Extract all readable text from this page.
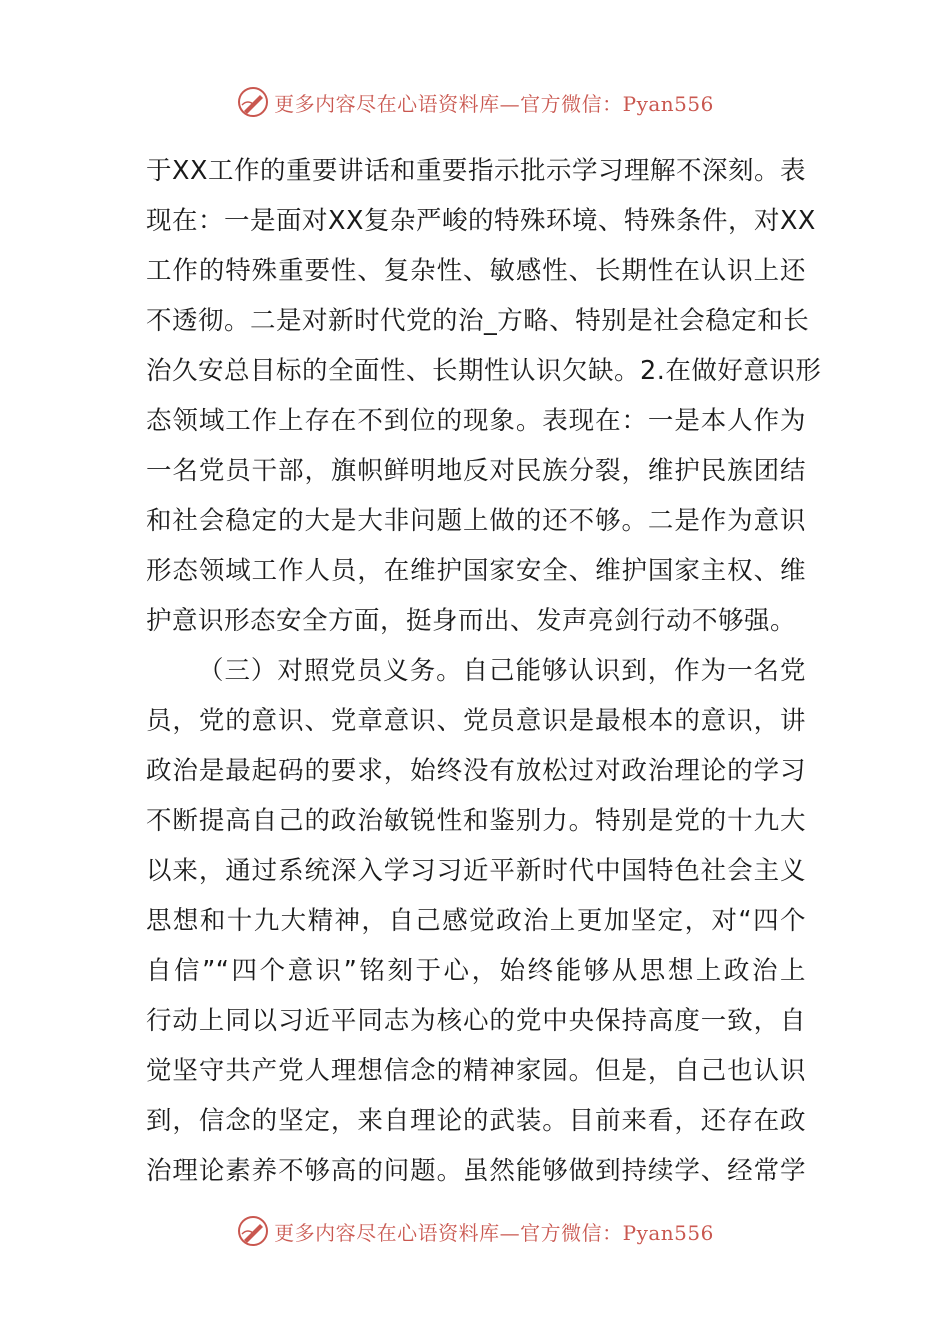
更多内容尽在心语资料库—官方微信：Pyan556
于XX工作的重要讲话和重要指示批示学习理解不深刻。表
现在：一是面对XX复杂严峻的特殊环境、特殊条件，对XX
工作的特殊重要性、复杂性、敏感性、长期性在认识上还
不透彻。二是对新时代党的治_方略、特别是社会稳定和长
治久安总目标的全面性、长期性认识欠缺。2.在做好意识形
态领域工作上存在不到位的现象。表现在：一是本人作为
一名党员干部，旗帜鲜明地反对民族分裂，维护民族团结
和社会稳定的大是大非问题上做的还不够。二是作为意识
形态领域工作人员，在维护国家安全、维护国家主权、维
护意识形态安全方面，挺身而出、发声亮剑行动不够强。
（三）对照党员义务。自己能够认识到，作为一名党
员，党的意识、党章意识、党员意识是最根本的意识，讲
政治是最起码的要求，始终没有放松过对政治理论的学习
不断提高自己的政治敏锐性和鉴别力。特别是党的十九大
以来，通过系统深入学习习近平新时代中国特色社会主义
思想和十九大精神，自己感觉政治上更加坚定，对“四个
自信”“四个意识”铭刻于心，始终能够从思想上政治上
行动上同以习近平同志为核心的党中央保持高度一致，自
觉坚守共产党人理想信念的精神家园。但是，自己也认识
到，信念的坚定，来自理论的武装。目前来看，还存在政
治理论素养不够高的问题。虽然能够做到持续学、经常学
更多内容尽在心语资料库—官方微信：Pyan556
